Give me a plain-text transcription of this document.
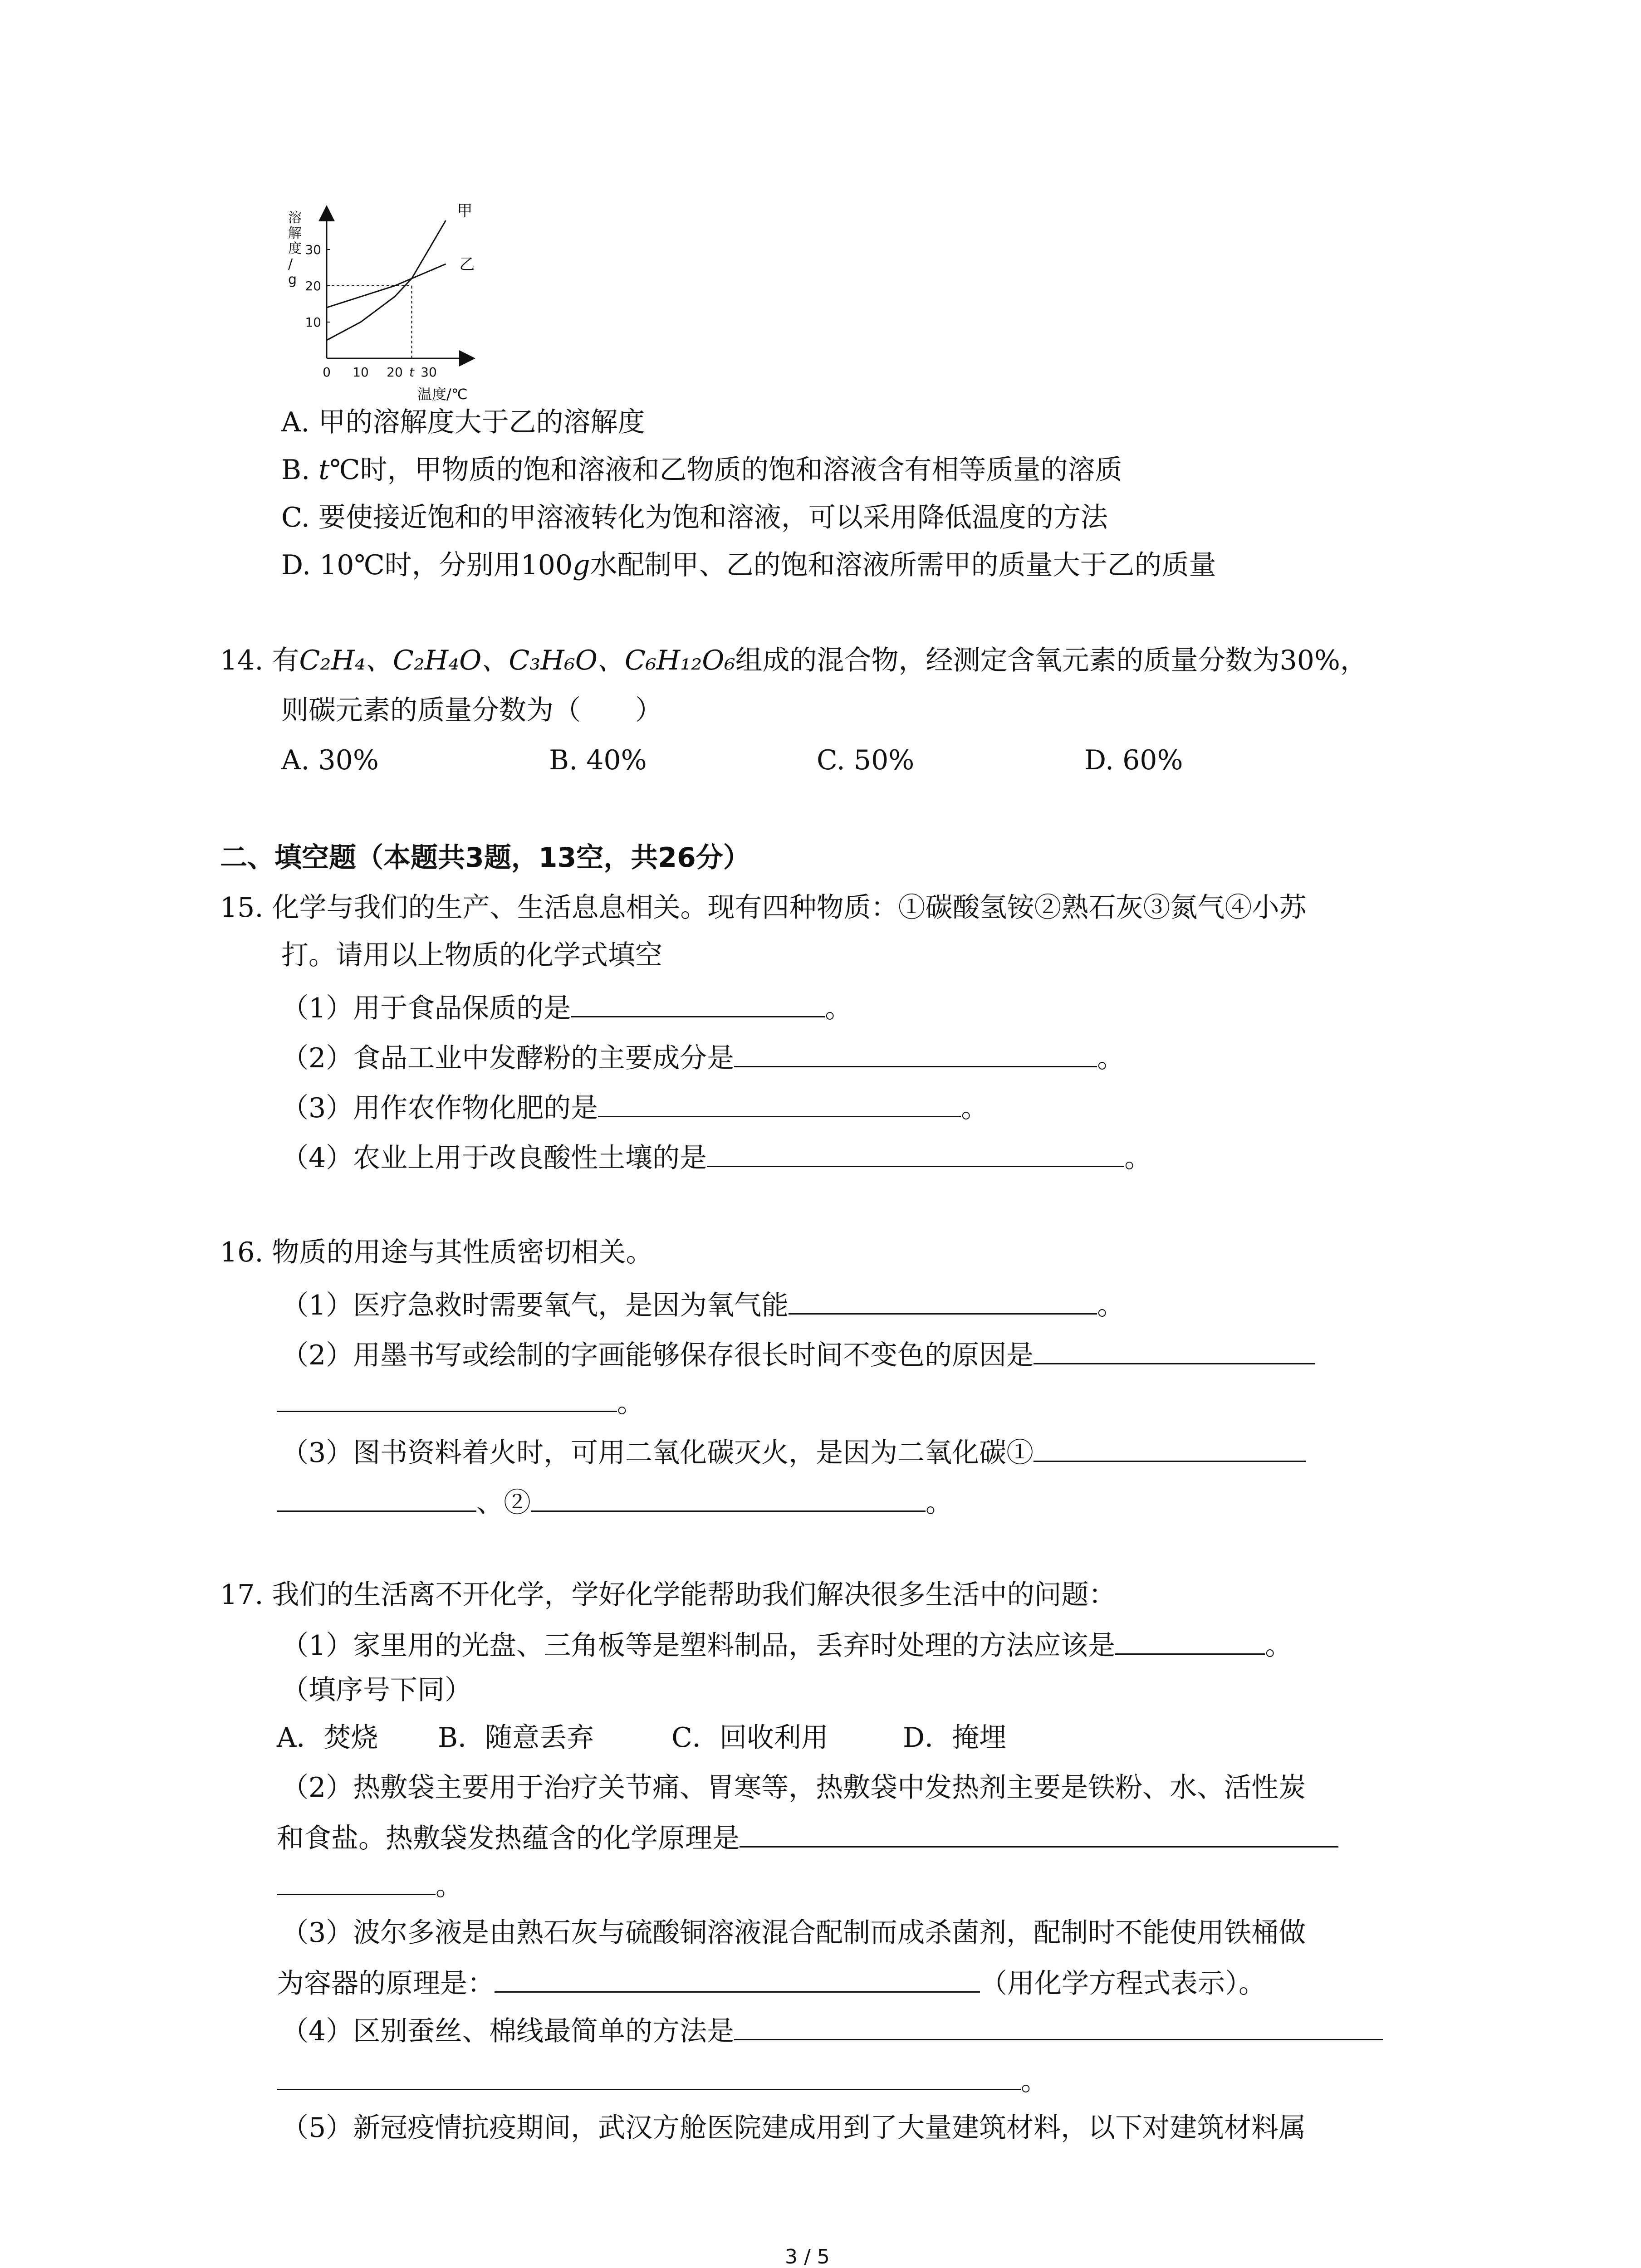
溶解度/ g
温度/℃
10
20
30
0 10 20 t 30
甲
乙
A. 甲的溶解度大于乙的溶解度
B. t℃时，甲物质的饱和溶液和乙物质的饱和溶液含有相等质量的溶质
C. 要使接近饱和的甲溶液转化为饱和溶液，可以采用降低温度的方法
D. 10℃时，分别用100g水配制甲、乙的饱和溶液所需甲的质量大于乙的质量
14. 有C₂H₄、C₂H₄O、C₃H₆O、C₆H₁₂O₆组成的混合物，经测定含氧元素的质量分数为30%，
则碳元素的质量分数为（　　）
A. 30%	B. 40%	C. 50%	D. 60%
二、填空题（本题共3题，13空，共26分）
15. 化学与我们的生产、生活息息相关。现有四种物质：①碳酸氢铵②熟石灰③氮气④小苏
打。请用以上物质的化学式填空
（1）用于食品保质的是	。
（2）食品工业中发酵粉的主要成分是	。
（3）用作农作物化肥的是	。
（4）农业上用于改良酸性土壤的是	。
16. 物质的用途与其性质密切相关。
（1）医疗急救时需要氧气，是因为氧气能	。
（2）用墨书写或绘制的字画能够保存很长时间不变色的原因是
。
（3）图书资料着火时，可用二氧化碳灭火，是因为二氧化碳①
、②	。
17. 我们的生活离不开化学，学好化学能帮助我们解决很多生活中的问题：
（1）家里用的光盘、三角板等是塑料制品，丢弃时处理的方法应该是	。
（填序号下同）
A．焚烧 B．随意丢弃	C．回收利用	D．掩埋
（2）热敷袋主要用于治疗关节痛、胃寒等，热敷袋中发热剂主要是铁粉、水、活性炭
和食盐。热敷袋发热蕴含的化学原理是
。
（3）波尔多液是由熟石灰与硫酸铜溶液混合配制而成杀菌剂，配制时不能使用铁桶做
为容器的原理是：	（用化学方程式表示）。
（4）区别蚕丝、棉线最简单的方法是
。
（5）新冠疫情抗疫期间，武汉方舱医院建成用到了大量建筑材料，以下对建筑材料属
3 / 5
